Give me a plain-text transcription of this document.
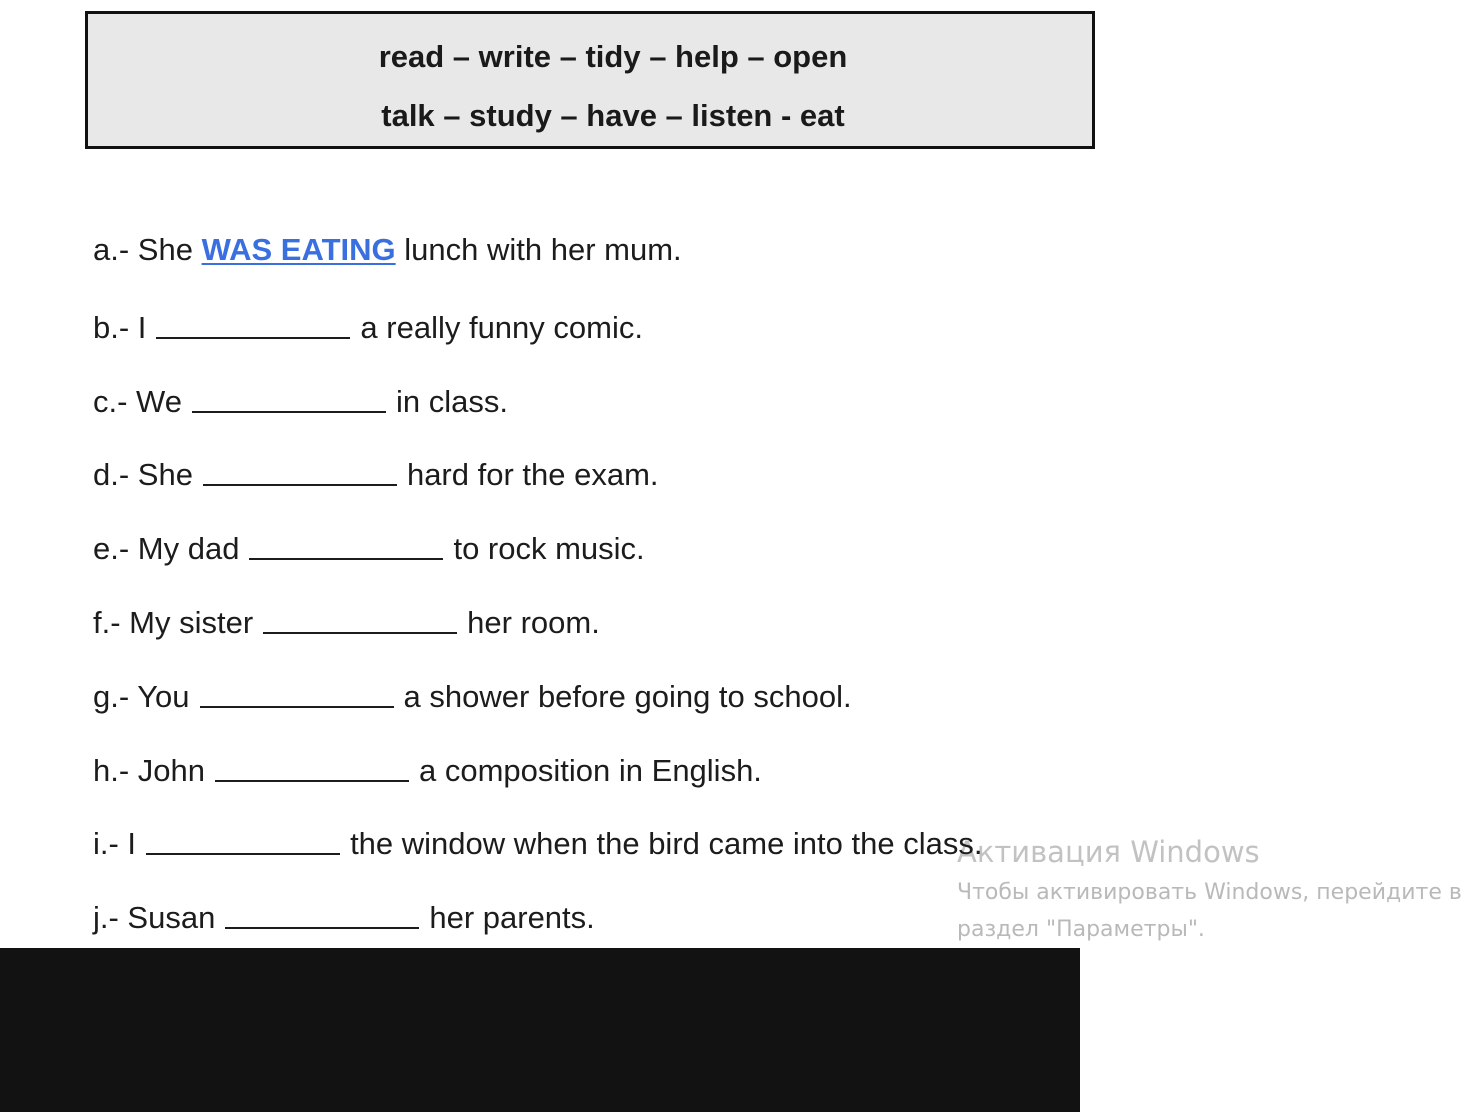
read – write – tidy – help – open
talk – study – have – listen - eat
a.- She WAS EATING lunch with her mum.
b.- I	a really funny comic.
c.- We	in class.
d.- She	hard for the exam.
e.- My dad	to rock music.
f.- My sister	her room.
g.- You	a shower before going to school.
h.- John	a composition in English.
Активация Windows
Чтобы активировать Windows, перейдите в
раздел "Параметры".
i.- I	the window when the bird came into the class.
j.- Susan	her parents.
